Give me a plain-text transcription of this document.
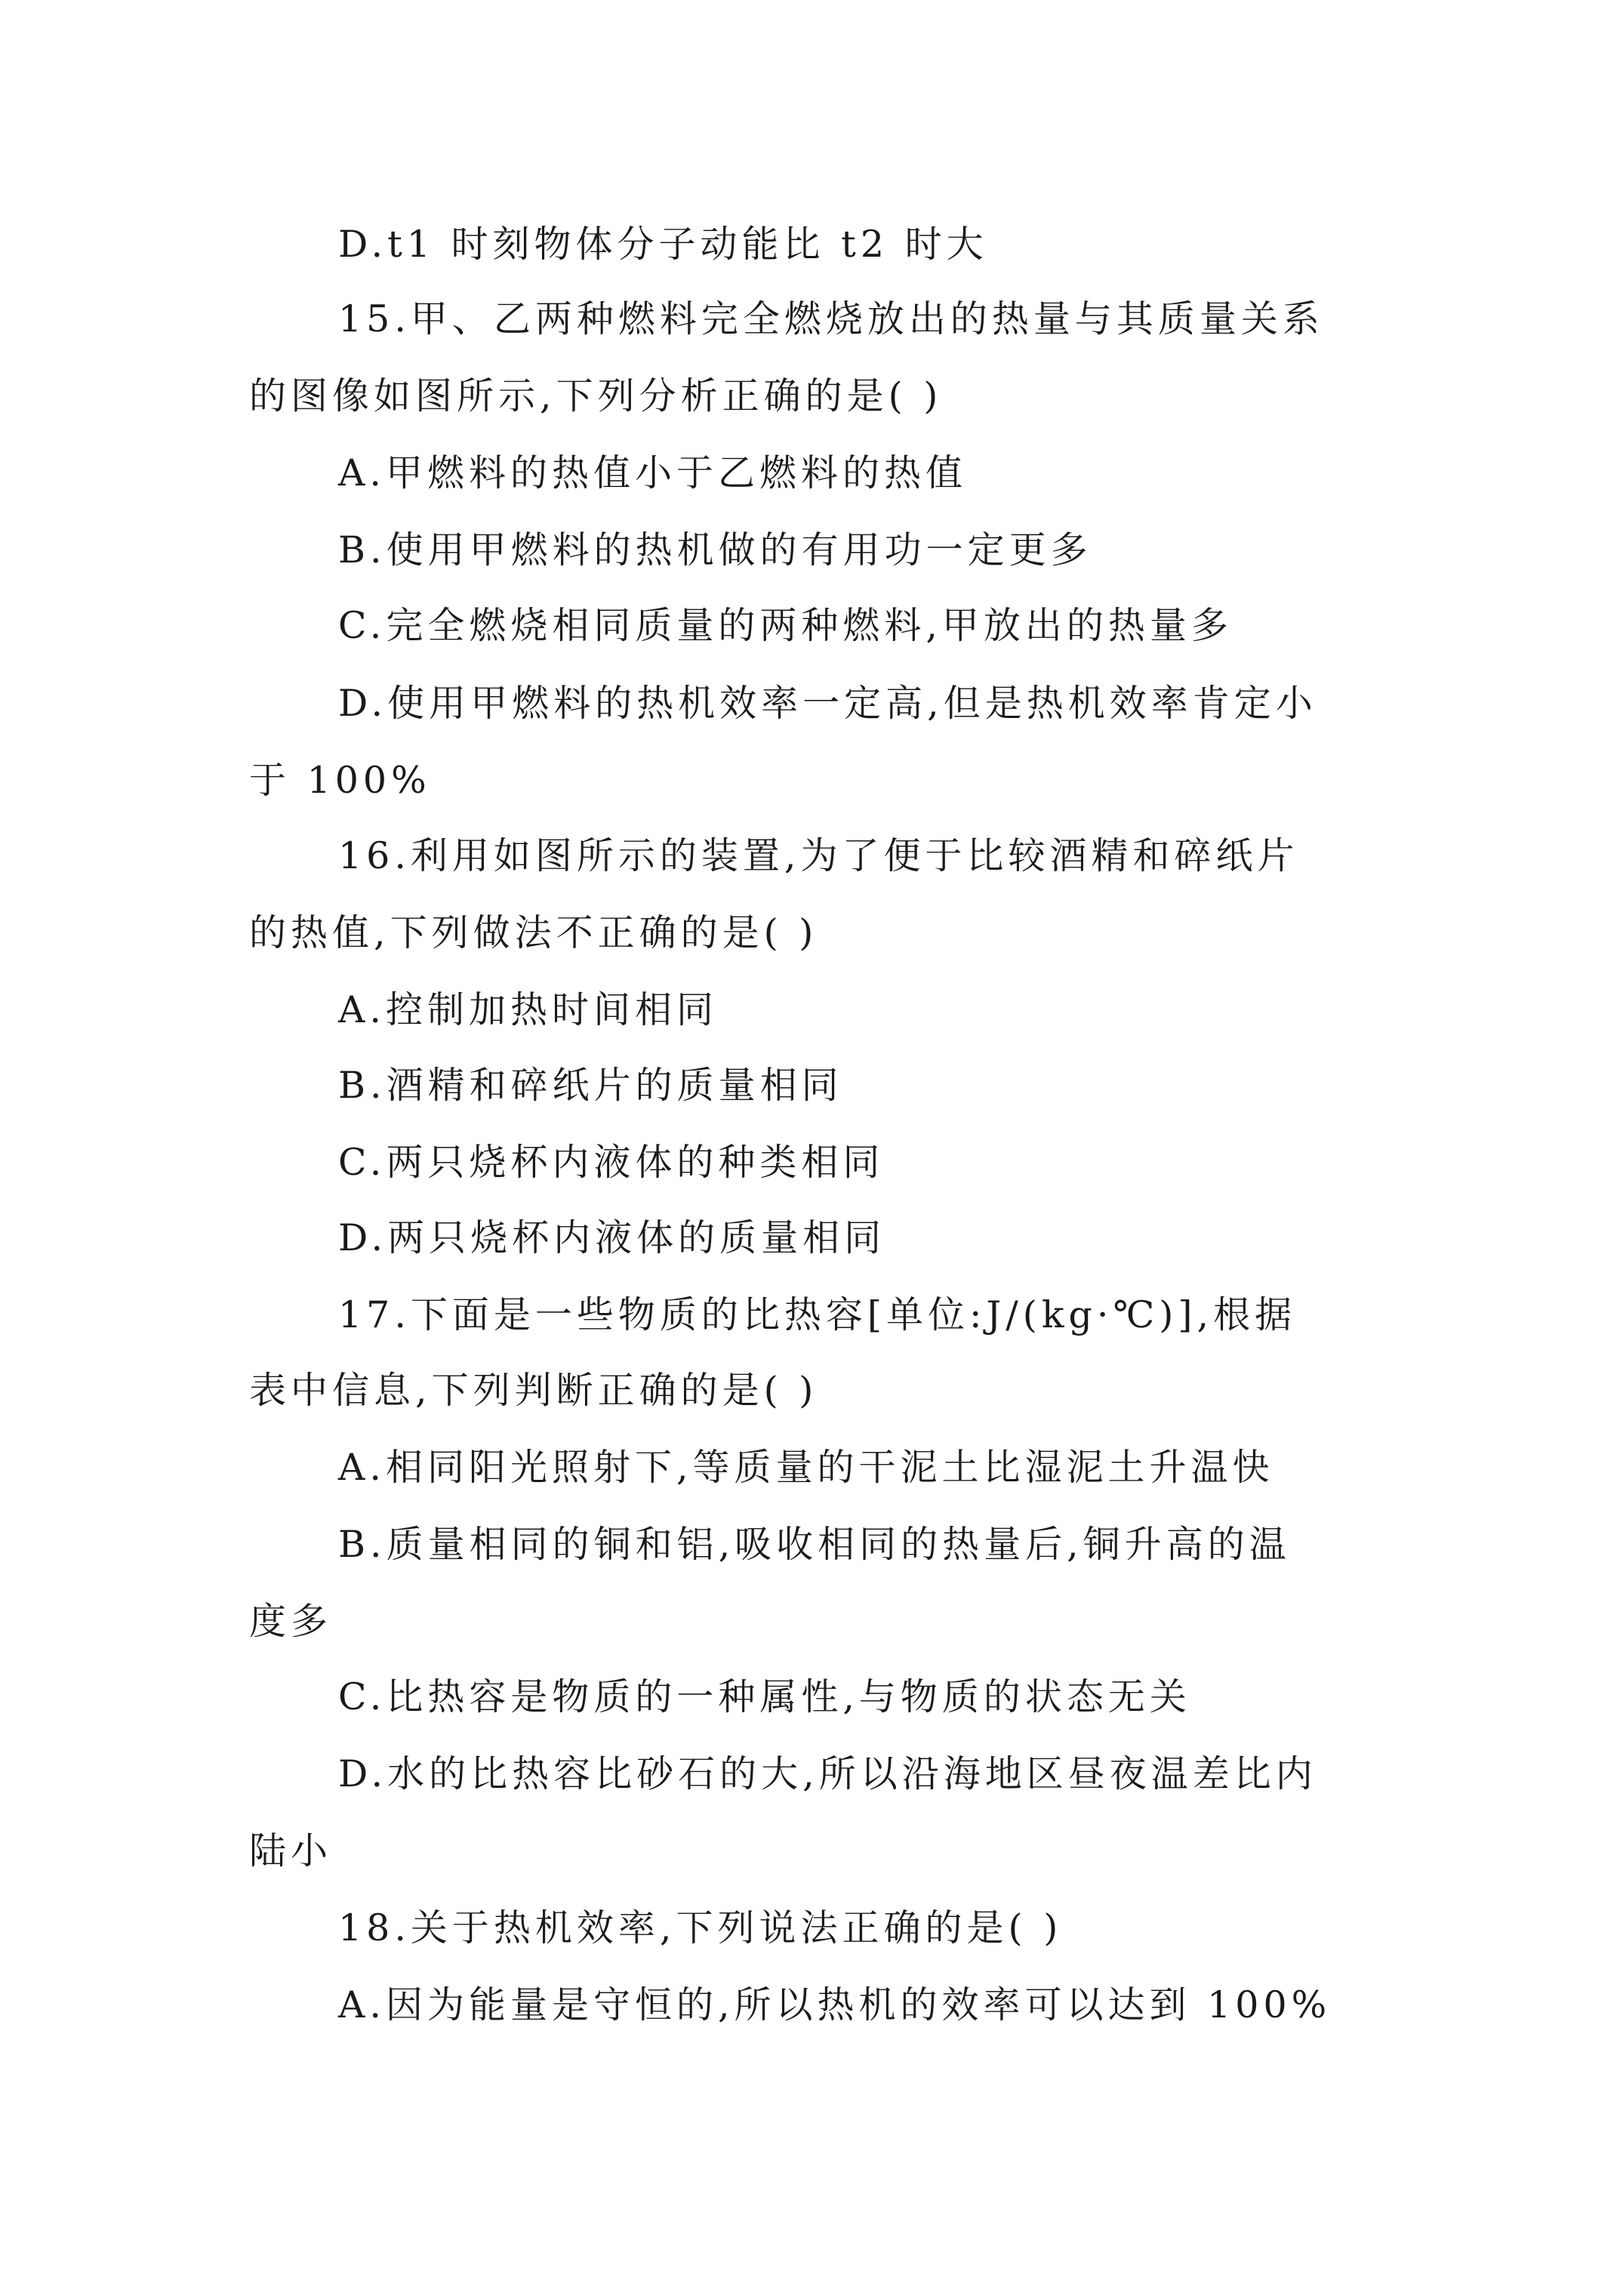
D.t1 时刻物体分子动能比 t2 时大
15.甲、乙两种燃料完全燃烧放出的热量与其质量关系
的图像如图所示,下列分析正确的是( )
A.甲燃料的热值小于乙燃料的热值
B.使用甲燃料的热机做的有用功一定更多
C.完全燃烧相同质量的两种燃料,甲放出的热量多
D.使用甲燃料的热机效率一定高,但是热机效率肯定小
于 100%
16.利用如图所示的装置,为了便于比较酒精和碎纸片
的热值,下列做法不正确的是( )
A.控制加热时间相同
B.酒精和碎纸片的质量相同
C.两只烧杯内液体的种类相同
D.两只烧杯内液体的质量相同
17.下面是一些物质的比热容[单位:J/(kg·℃)],根据
表中信息,下列判断正确的是( )
A.相同阳光照射下,等质量的干泥土比湿泥土升温快
B.质量相同的铜和铝,吸收相同的热量后,铜升高的温
度多
C.比热容是物质的一种属性,与物质的状态无关
D.水的比热容比砂石的大,所以沿海地区昼夜温差比内
陆小
18.关于热机效率,下列说法正确的是( )
A.因为能量是守恒的,所以热机的效率可以达到 100%
